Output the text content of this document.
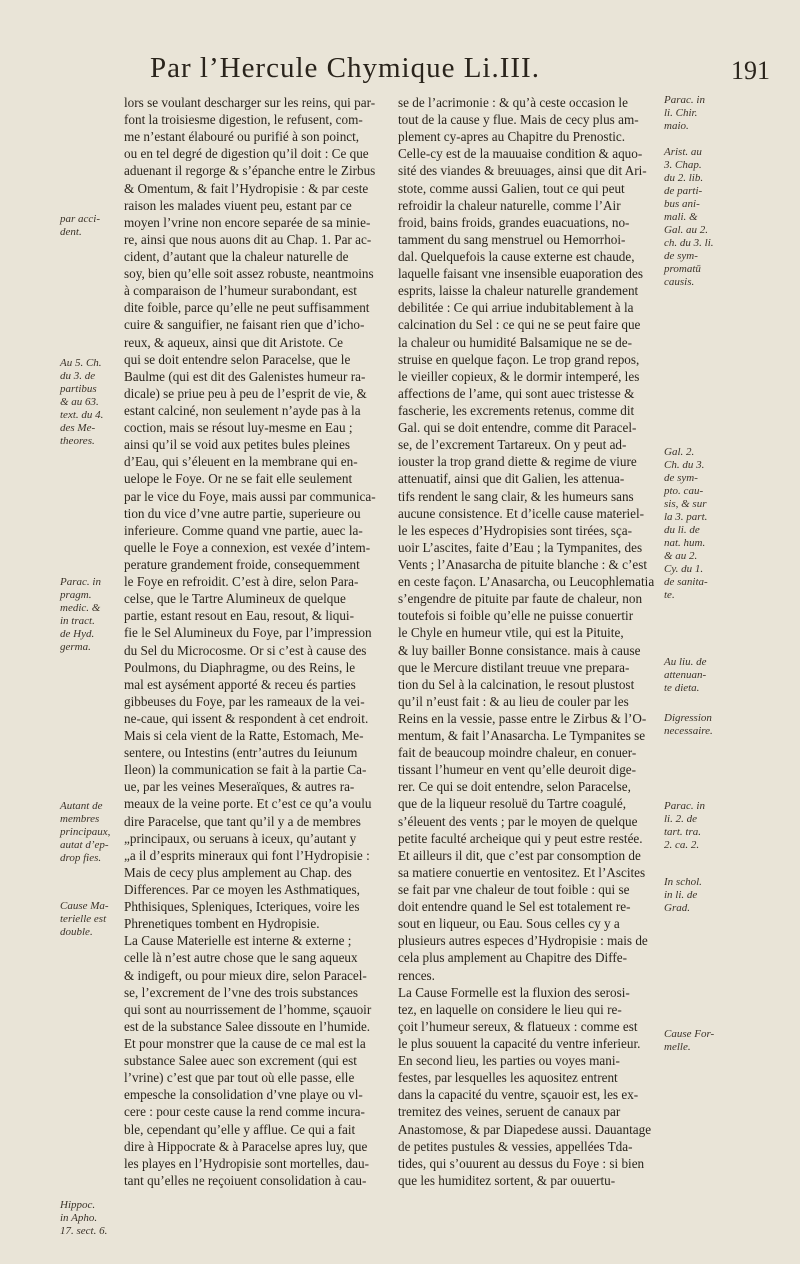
Par l’Hercule Chymique Li.III.	191
lors se voulant descharger sur les reins, qui par-
font la troisiesme digestion, le refusent, com-
me n’estant élabouré ou purifié à son poinct,
ou en tel degré de digestion qu’il doit : Ce que
aduenant il regorge & s’épanche entre le Zirbus
& Omentum, & fait l’Hydropisie : & par ceste
raison les malades viuent peu, estant par ce
moyen l’vrine non encore separée de sa minie-
re, ainsi que nous auons dit au Chap. 1. Par ac-
cident, d’autant que la chaleur naturelle de
soy, bien qu’elle soit assez robuste, neantmoins
à comparaison de l’humeur surabondant, est
dite foible, parce qu’elle ne peut suffisamment
cuire & sanguifier, ne faisant rien que d’icho-
reux, & aqueux, ainsi que dit Aristote. Ce
qui se doit entendre selon Paracelse, que le
Baulme (qui est dit des Galenistes humeur ra-
dicale) se priue peu à peu de l’esprit de vie, &
estant calciné, non seulement n’ayde pas à la
coction, mais se résout luy-mesme en Eau ;
ainsi qu’il se void aux petites bules pleines
d’Eau, qui s’éleuent en la membrane qui en-
uelope le Foye. Or ne se fait elle seulement
par le vice du Foye, mais aussi par communica-
tion du vice d’vne autre partie, superieure ou
inferieure. Comme quand vne partie, auec la-
quelle le Foye a connexion, est vexée d’intem-
perature grandement froide, consequemment
le Foye en refroidit. C’est à dire, selon Para-
celse, que le Tartre Alumineux de quelque
partie, estant resout en Eau, resout, & liqui-
fie le Sel Alumineux du Foye, par l’impression
du Sel du Microcosme. Or si c’est à cause des
Poulmons, du Diaphragme, ou des Reins, le
mal est aysément apporté & receu és parties
gibbeuses du Foye, par les rameaux de la vei-
ne-caue, qui issent & respondent à cet endroit.
Mais si cela vient de la Ratte, Estomach, Me-
sentere, ou Intestins (entr’autres du Ieiunum
Ileon) la communication se fait à la partie Ca-
ue, par les veines Meseraïques, & autres ra-
meaux de la veine porte. Et c’est ce qu’a voulu
dire Paracelse, que tant qu’il y a de membres
„principaux, ou seruans à iceux, qu’autant y
„a il d’esprits mineraux qui font l’Hydropisie :
Mais de cecy plus amplement au Chap. des
Differences. Par ce moyen les Asthmatiques,
Phthisiques, Spleniques, Icteriques, voire les
Phrenetiques tombent en Hydropisie.
La Cause Materielle est interne & externe ;
celle là n’est autre chose que le sang aqueux
& indigeft, ou pour mieux dire, selon Paracel-
se, l’excrement de l’vne des trois substances
qui sont au nourrissement de l’homme, sçauoir
est de la substance Salee dissoute en l’humide.
Et pour monstrer que la cause de ce mal est la
substance Salee auec son excrement (qui est
l’vrine) c’est que par tout où elle passe, elle
empesche la consolidation d’vne playe ou vl-
cere : pour ceste cause la rend comme incura-
ble, cependant qu’elle y afflue. Ce qui a fait
dire à Hippocrate & à Paracelse apres luy, que
les playes en l’Hydropisie sont mortelles, dau-
tant qu’elles ne reçoiuent consolidation à cau-
se de l’acrimonie : & qu’à ceste occasion le
tout de la cause y flue. Mais de cecy plus am-
plement cy-apres au Chapitre du Prenostic.
Celle-cy est de la mauuaise condition & aquo-
sité des viandes & breuuages, ainsi que dit Ari-
stote, comme aussi Galien, tout ce qui peut
refroidir la chaleur naturelle, comme l’Air
froid, bains froids, grandes euacuations, no-
tamment du sang menstruel ou Hemorrhoi-
dal. Quelquefois la cause externe est chaude,
laquelle faisant vne insensible euaporation des
esprits, laisse la chaleur naturelle grandement
debilitée : Ce qui arriue indubitablement à la
calcination du Sel : ce qui ne se peut faire que
la chaleur ou humidité Balsamique ne se de-
struise en quelque façon. Le trop grand repos,
le vieiller copieux, & le dormir intemperé, les
affections de l’ame, qui sont auec tristesse &
fascherie, les excrements retenus, comme dit
Gal. qui se doit entendre, comme dit Paracel-
se, de l’excrement Tartareux. On y peut ad-
iouster la trop grand diette & regime de viure
attenuatif, ainsi que dit Galien, les attenua-
tifs rendent le sang clair, & les humeurs sans
aucune consistence. Et d’icelle cause materiel-
le les especes d’Hydropisies sont tirées, sça-
uoir L’ascites, faite d’Eau ; la Tympanites, des
Vents ; l’Anasarcha de pituite blanche : & c’est
en ceste façon. L’Anasarcha, ou Leucophlematia
s’engendre de pituite par faute de chaleur, non
toutefois si foible qu’elle ne puisse conuertir
le Chyle en humeur vtile, qui est la Pituite,
& luy bailler Bonne consistance. mais à cause
que le Mercure distilant treuue vne prepara-
tion du Sel à la calcination, le resout plustost
qu’il n’eust fait : & au lieu de couler par les
Reins en la vessie, passe entre le Zirbus & l’O-
mentum, & fait l’Anasarcha. Le Tympanites se
fait de beaucoup moindre chaleur, en conuer-
tissant l’humeur en vent qu’elle deuroit dige-
rer. Ce qui se doit entendre, selon Paracelse,
que de la liqueur resoluë du Tartre coagulé,
s’éleuent des vents ; par le moyen de quelque
petite faculté archeique qui y peut estre restée.
Et ailleurs il dit, que c’est par consomption de
sa matiere conuertie en ventositez. Et l’Ascites
se fait par vne chaleur de tout foible : qui se
doit entendre quand le Sel est totalement re-
sout en liqueur, ou Eau. Sous celles cy y a
plusieurs autres especes d’Hydropisie : mais de
cela plus amplement au Chapitre des Diffe-
rences.
La Cause Formelle est la fluxion des serosi-
tez, en laquelle on considere le lieu qui re-
çoit l’humeur sereux, & flatueux : comme est
le plus souuent la capacité du ventre inferieur.
En second lieu, les parties ou voyes mani-
festes, par lesquelles les aquositez entrent
dans la capacité du ventre, sçauoir est, les ex-
tremitez des veines, seruent de canaux par
Anastomose, & par Diapedese aussi. Dauantage
de petites pustules & vessies, appellées Tda-
tides, qui s’ouurent au dessus du Foye : si bien
que les humiditez sortent, & par ouuertu-
par acci-
dent.
Au 5. Ch.
du 3. de
partibus
& au 63.
text. du 4.
des Me-
theores.
Parac. in
pragm.
medic. &
in tract.
de Hyd.
germa.
Autant de
membres
principaux,
autat d’ep-
drop fies.
Cause Ma-
terielle est
double.
Hippoc.
in Apho.
17. sect. 6.
Parac. in
li. Chir.
maio.
Arist. au
3. Chap.
du 2. lib.
de parti-
bus ani-
mali. &
Gal. au 2.
ch. du 3. li.
de sym-
promatū
causis.
Gal. 2.
Ch. du 3.
de sym-
pto. cau-
sis, & sur
la 3. part.
du li. de
nat. hum.
& au 2.
Cy. du 1.
de sanita-
te.
Au liu. de
attenuan-
te dieta.
Digression
necessaire.
Parac. in
li. 2. de
tart. tra.
2. ca. 2.
In schol.
in li. de
Grad.
Cause For-
melle.
